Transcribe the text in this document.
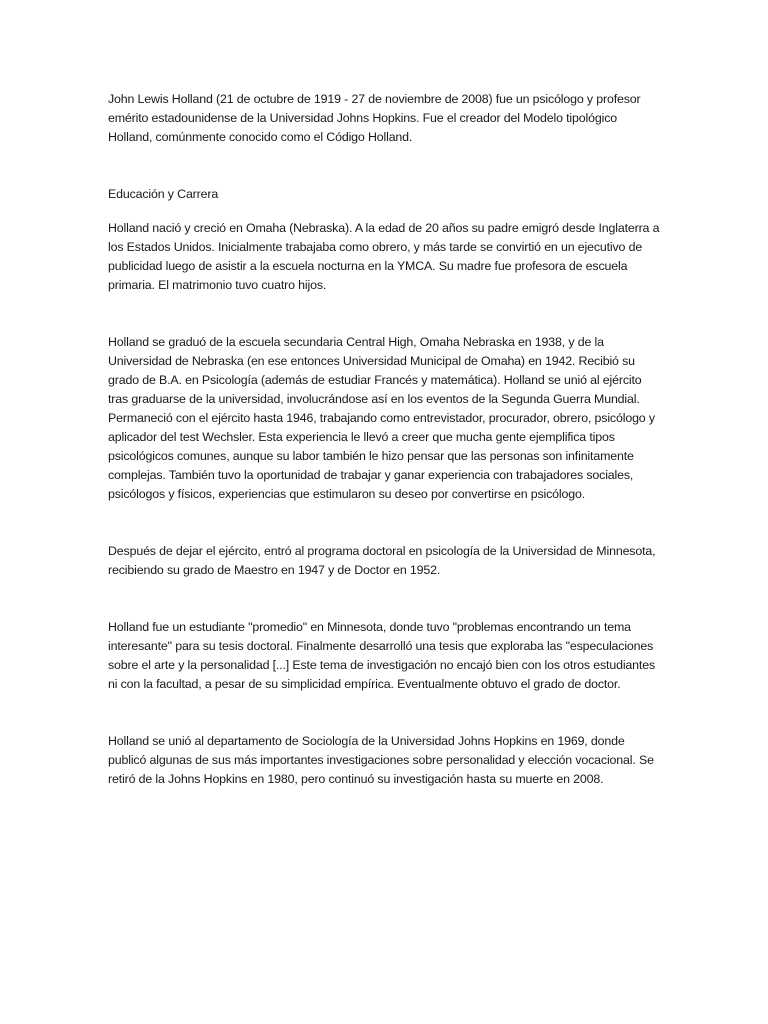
John Lewis Holland (21 de octubre de 1919 - 27 de noviembre de 2008) fue un psicólogo y profesor emérito estadounidense de la Universidad Johns Hopkins. Fue el creador del Modelo tipológico Holland, comúnmente conocido como el Código Holland.

Educación y Carrera

Holland nació y creció en Omaha (Nebraska). A la edad de 20 años su padre emigró desde Inglaterra a los Estados Unidos. Inicialmente trabajaba como obrero, y más tarde se convirtió en un ejecutivo de publicidad luego de asistir a la escuela nocturna en la YMCA. Su madre fue profesora de escuela primaria. El matrimonio tuvo cuatro hijos.

Holland se graduó de la escuela secundaria Central High, Omaha Nebraska en 1938, y de la Universidad de Nebraska (en ese entonces Universidad Municipal de Omaha) en 1942. Recibió su grado de B.A. en Psicología (además de estudiar Francés y matemática). Holland se unió al ejército tras graduarse de la universidad, involucrándose así en los eventos de la Segunda Guerra Mundial. Permaneció con el ejército hasta 1946, trabajando como entrevistador, procurador, obrero, psicólogo y aplicador del test Wechsler. Esta experiencia le llevó a creer que mucha gente ejemplifica tipos psicológicos comunes, aunque su labor también le hizo pensar que las personas son infinitamente complejas. También tuvo la oportunidad de trabajar y ganar experiencia con trabajadores sociales, psicólogos y físicos, experiencias que estimularon su deseo por convertirse en psicólogo.

Después de dejar el ejército, entró al programa doctoral en psicología de la Universidad de Minnesota, recibiendo su grado de Maestro en 1947 y de Doctor en 1952.

Holland fue un estudiante "promedio" en Minnesota, donde tuvo "problemas encontrando un tema interesante" para su tesis doctoral. Finalmente desarrolló una tesis que exploraba las "especulaciones sobre el arte y la personalidad [...] Este tema de investigación no encajó bien con los otros estudiantes ni con la facultad, a pesar de su simplicidad empírica. Eventualmente obtuvo el grado de doctor.

Holland se unió al departamento de Sociología de la Universidad Johns Hopkins en 1969, donde publicó algunas de sus más importantes investigaciones sobre personalidad y elección vocacional. Se retiró de la Johns Hopkins en 1980, pero continuó su investigación hasta su muerte en 2008.
